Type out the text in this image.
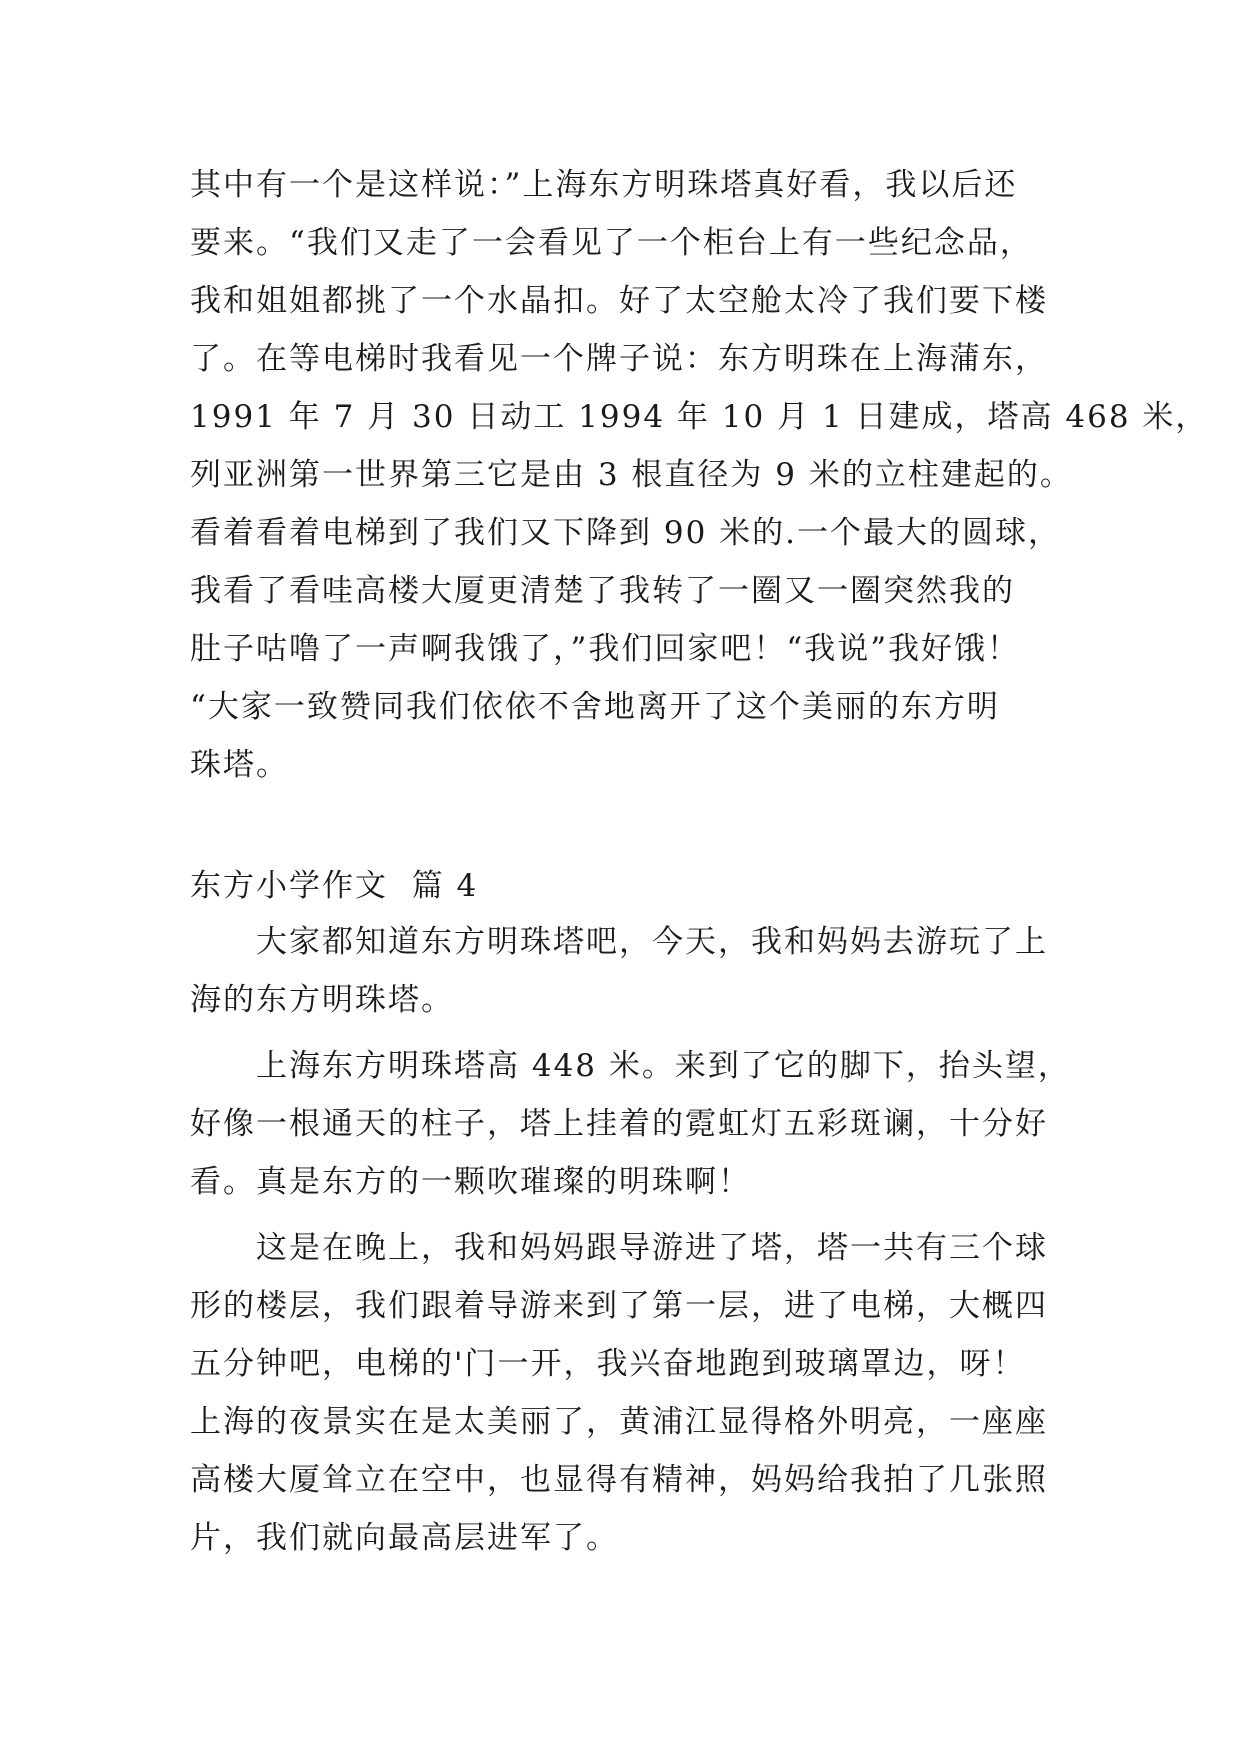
其中有一个是这样说：”上海东方明珠塔真好看，我以后还
要来。“我们又走了一会看见了一个柜台上有一些纪念品，
我和姐姐都挑了一个水晶扣。好了太空舱太冷了我们要下楼
了。在等电梯时我看见一个牌子说：东方明珠在上海蒲东，
1991 年 7 月 30 日动工 1994 年 10 月 1 日建成，塔高 468 米，
列亚洲第一世界第三它是由 3 根直径为 9 米的立柱建起的。
看着看着电梯到了我们又下降到 90 米的.一个最大的圆球，
我看了看哇高楼大厦更清楚了我转了一圈又一圈突然我的
肚子咕噜了一声啊我饿了，”我们回家吧！“我说”我好饿！
“大家一致赞同我们依依不舍地离开了这个美丽的东方明
珠塔。
东方小学作文  篇 4
大家都知道东方明珠塔吧，今天，我和妈妈去游玩了上
海的东方明珠塔。
上海东方明珠塔高 448 米。来到了它的脚下，抬头望，
好像一根通天的柱子，塔上挂着的霓虹灯五彩斑谰，十分好
看。真是东方的一颗吹璀璨的明珠啊！
这是在晚上，我和妈妈跟导游进了塔，塔一共有三个球
形的楼层，我们跟着导游来到了第一层，进了电梯，大概四
五分钟吧，电梯的'门一开，我兴奋地跑到玻璃罩边，呀！
上海的夜景实在是太美丽了，黄浦江显得格外明亮，一座座
高楼大厦耸立在空中，也显得有精神，妈妈给我拍了几张照
片，我们就向最高层进军了。
